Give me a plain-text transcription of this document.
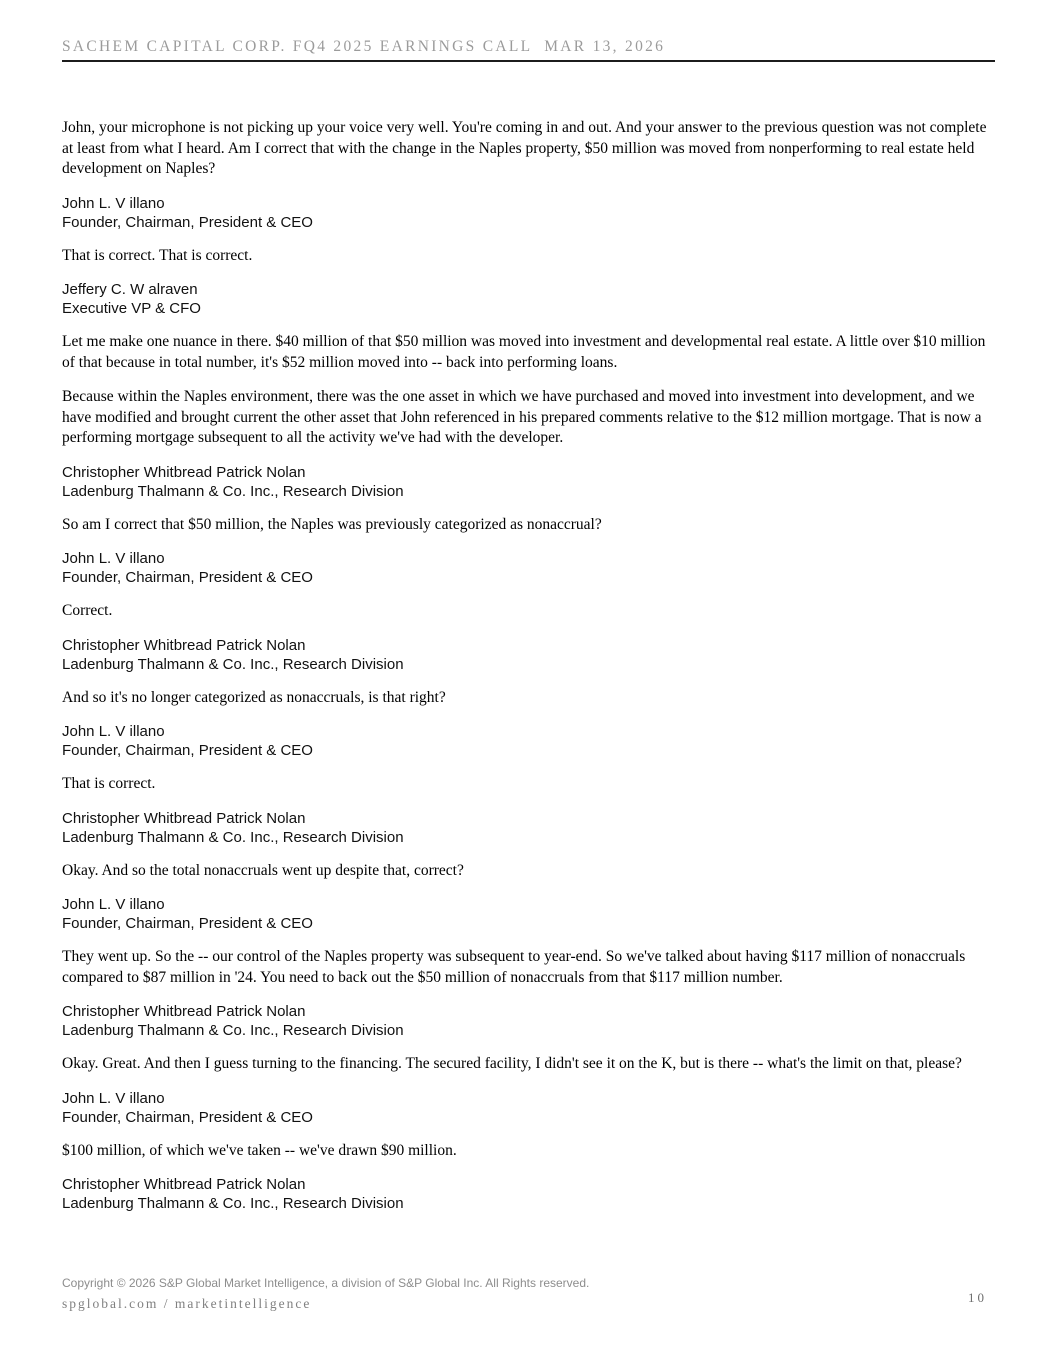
SACHEM CAPITAL CORP. FQ4 2025 EARNINGS CALL  MAR 13, 2026

John, your microphone is not picking up your voice very well. You're coming in and out. And your answer to the previous question was not complete at least from what I heard. Am I correct that with the change in the Naples property, $50 million was moved from nonperforming to real estate held development on Naples?

John L. V illano
Founder, Chairman, President & CEO

That is correct. That is correct.

Jeffery C. W alraven
Executive VP & CFO

Let me make one nuance in there. $40 million of that $50 million was moved into investment and developmental real estate. A little over $10 million of that because in total number, it's $52 million moved into -- back into performing loans.

Because within the Naples environment, there was the one asset in which we have purchased and moved into investment into development, and we have modified and brought current the other asset that John referenced in his prepared comments relative to the $12 million mortgage. That is now a performing mortgage subsequent to all the activity we've had with the developer.

Christopher Whitbread Patrick Nolan
Ladenburg Thalmann & Co. Inc., Research Division

So am I correct that $50 million, the Naples was previously categorized as nonaccrual?

John L. V illano
Founder, Chairman, President & CEO

Correct.

Christopher Whitbread Patrick Nolan
Ladenburg Thalmann & Co. Inc., Research Division

And so it's no longer categorized as nonaccruals, is that right?

John L. V illano
Founder, Chairman, President & CEO

That is correct.

Christopher Whitbread Patrick Nolan
Ladenburg Thalmann & Co. Inc., Research Division

Okay. And so the total nonaccruals went up despite that, correct?

John L. V illano
Founder, Chairman, President & CEO

They went up. So the -- our control of the Naples property was subsequent to year-end. So we've talked about having $117 million of nonaccruals compared to $87 million in '24. You need to back out the $50 million of nonaccruals from that $117 million number.

Christopher Whitbread Patrick Nolan
Ladenburg Thalmann & Co. Inc., Research Division

Okay. Great. And then I guess turning to the financing. The secured facility, I didn't see it on the K, but is there -- what's the limit on that, please?

John L. V illano
Founder, Chairman, President & CEO

$100 million, of which we've taken -- we've drawn $90 million.

Christopher Whitbread Patrick Nolan
Ladenburg Thalmann & Co. Inc., Research Division

Copyright © 2026 S&P Global Market Intelligence, a division of S&P Global Inc. All Rights reserved.

spglobal.com / marketintelligence	10
